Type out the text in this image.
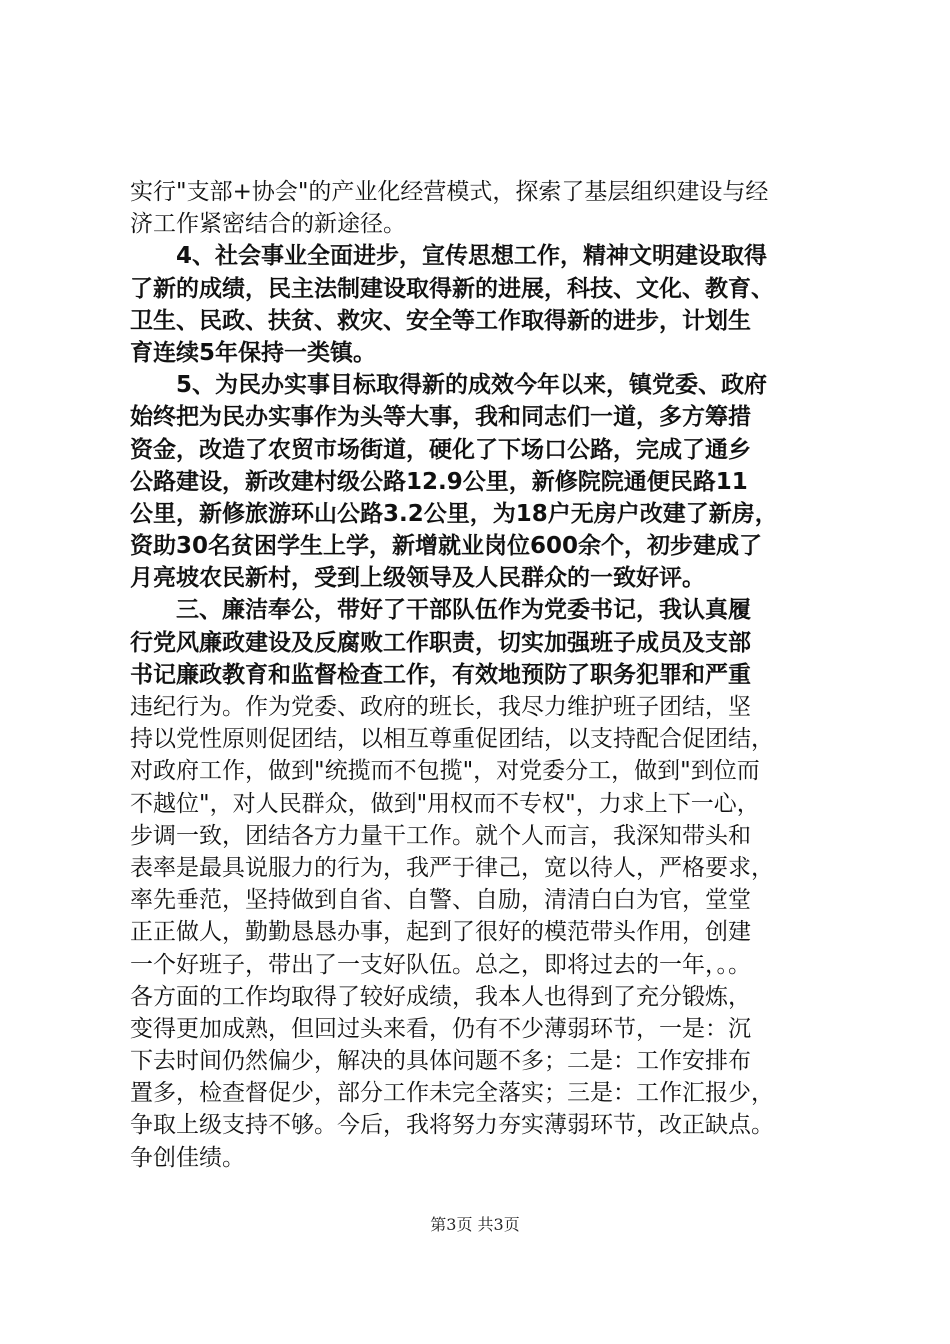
实行"支部+协会"的产业化经营模式，探索了基层组织建设与经
济工作紧密结合的新途径。
4、社会事业全面进步，宣传思想工作，精神文明建设取得
了新的成绩，民主法制建设取得新的进展，科技、文化、教育、
卫生、民政、扶贫、救灾、安全等工作取得新的进步，计划生
育连续5年保持一类镇。
5、为民办实事目标取得新的成效今年以来，镇党委、政府
始终把为民办实事作为头等大事，我和同志们一道，多方筹措
资金，改造了农贸市场街道，硬化了下场口公路，完成了通乡
公路建设，新改建村级公路12.9公里，新修院院通便民路11
公里，新修旅游环山公路3.2公里，为18户无房户改建了新房，
资助30名贫困学生上学，新增就业岗位600余个，初步建成了
月亮坡农民新村，受到上级领导及人民群众的一致好评。
三、廉洁奉公，带好了干部队伍作为党委书记，我认真履
行党风廉政建设及反腐败工作职责，切实加强班子成员及支部
书记廉政教育和监督检查工作，有效地预防了职务犯罪和严重
违纪行为。作为党委、政府的班长，我尽力维护班子团结，坚
持以党性原则促团结，以相互尊重促团结，以支持配合促团结，
对政府工作，做到"统揽而不包揽"，对党委分工，做到"到位而
不越位"，对人民群众，做到"用权而不专权"，力求上下一心，
步调一致，团结各方力量干工作。就个人而言，我深知带头和
表率是最具说服力的行为，我严于律己，宽以待人，严格要求，
率先垂范，坚持做到自省、自警、自励，清清白白为官，堂堂
正正做人，勤勤恳恳办事，起到了很好的模范带头作用，创建
一个好班子，带出了一支好队伍。总之，即将过去的一年，。。
各方面的工作均取得了较好成绩，我本人也得到了充分锻炼，
变得更加成熟，但回过头来看，仍有不少薄弱环节，一是：沉
下去时间仍然偏少，解决的具体问题不多；二是：工作安排布
置多，检查督促少，部分工作未完全落实；三是：工作汇报少，
争取上级支持不够。今后，我将努力夯实薄弱环节，改正缺点。
争创佳绩。
第3页 共3页
